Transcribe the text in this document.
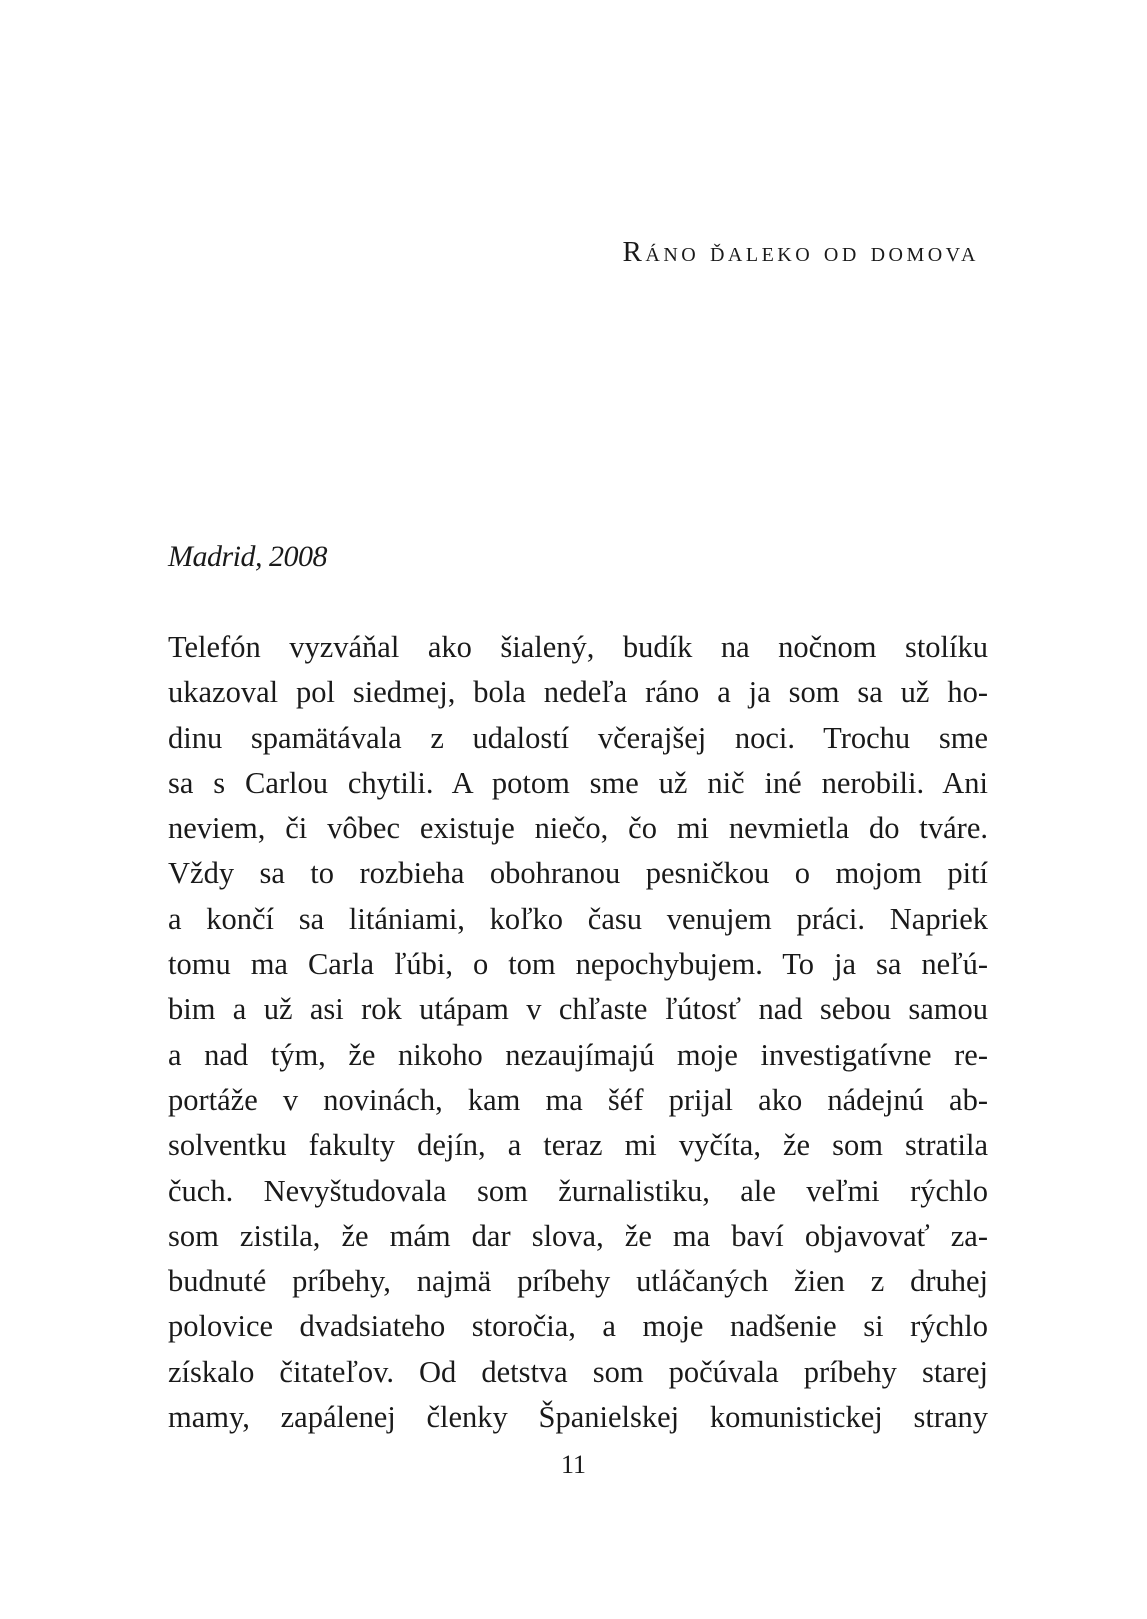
Ráno ďaleko od domova
Madrid, 2008
Telefón vyzváňal ako šialený, budík na nočnom stolíku
ukazoval pol siedmej, bola nedeľa ráno a ja som sa už ho-
dinu spamätávala z udalostí včerajšej noci. Trochu sme
sa s Carlou chytili. A potom sme už nič iné nerobili. Ani
neviem, či vôbec existuje niečo, čo mi nevmietla do tváre.
Vždy sa to rozbieha obohranou pesničkou o mojom pití
a končí sa litániami, koľko času venujem práci. Napriek
tomu ma Carla ľúbi, o tom nepochybujem. To ja sa neľú-
bim a už asi rok utápam v chľaste ľútosť nad sebou samou
a nad tým, že nikoho nezaujímajú moje investigatívne re-
portáže v novinách, kam ma šéf prijal ako nádejnú ab-
solventku fakulty dejín, a teraz mi vyčíta, že som stratila
čuch. Nevyštudovala som žurnalistiku, ale veľmi rýchlo
som zistila, že mám dar slova, že ma baví objavovať za-
budnuté príbehy, najmä príbehy utláčaných žien z druhej
polovice dvadsiateho storočia, a moje nadšenie si rýchlo
získalo čitateľov. Od detstva som počúvala príbehy starej
mamy, zapálenej členky Španielskej komunistickej strany
11
